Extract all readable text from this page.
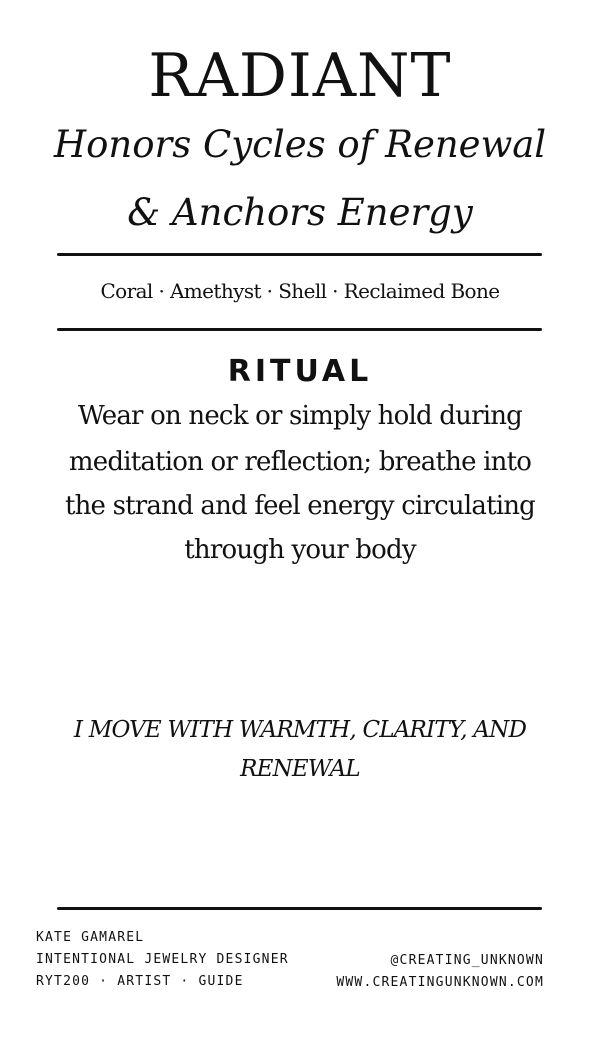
RADIANT
Honors Cycles of Renewal
& Anchors Energy
Coral · Amethyst · Shell · Reclaimed Bone
RITUAL
Wear on neck or simply hold during
meditation or reflection; breathe into
the strand and feel energy circulating
through your body
I MOVE WITH WARMTH, CLARITY, AND
RENEWAL
KATE GAMAREL
INTENTIONAL JEWELRY DESIGNER
RYT200 · ARTIST · GUIDE
@CREATING_UNKNOWN
WWW.CREATINGUNKNOWN.COM
